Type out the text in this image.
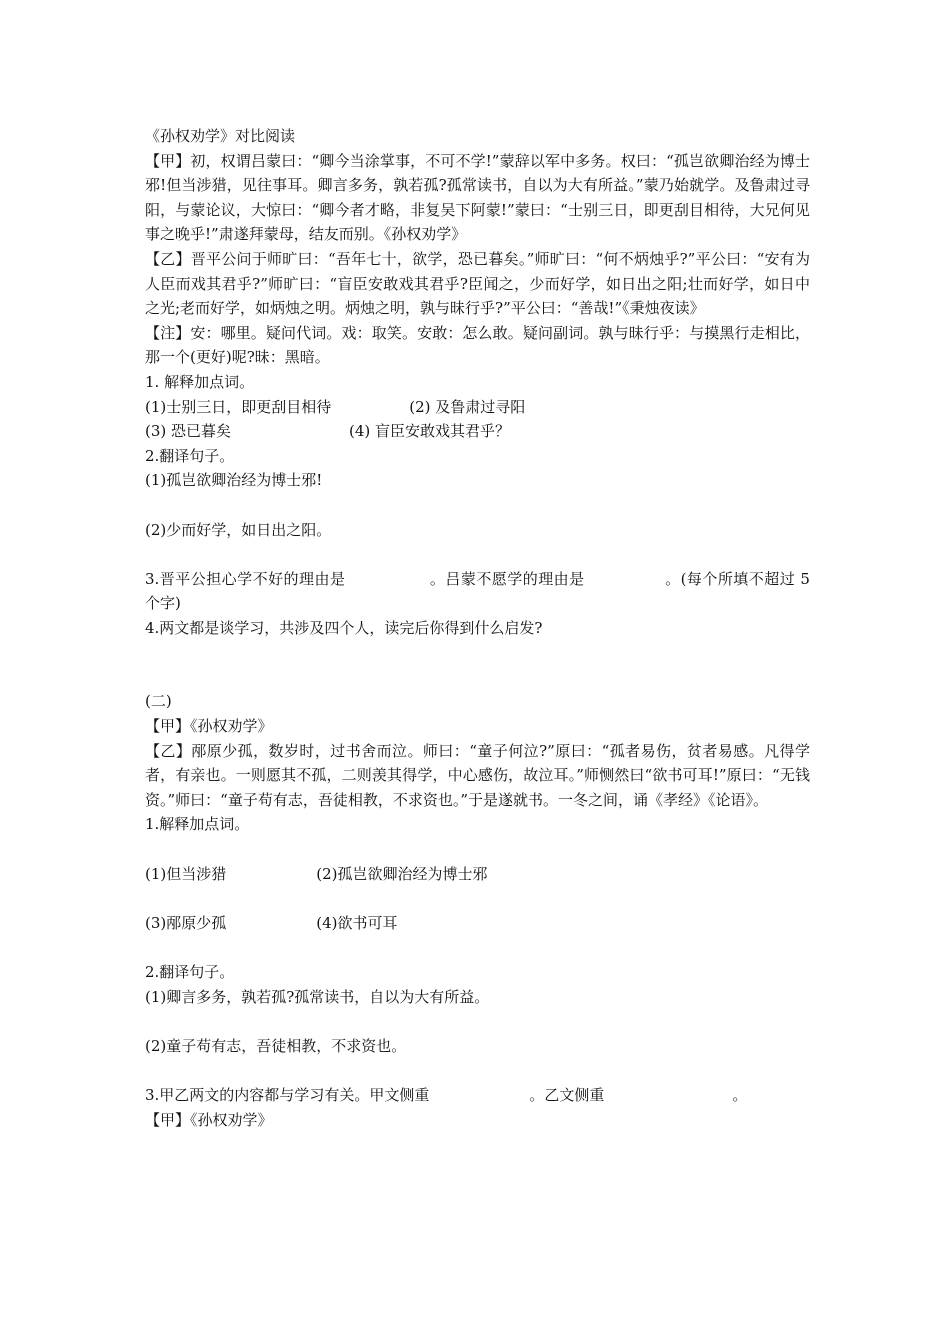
《孙权劝学》对比阅读

【甲】初，权谓吕蒙曰：“卿今当涂掌事，不可不学!”蒙辞以军中多务。权曰：“孤岂欲卿治经为博士邪!但当涉猎，见往事耳。卿言多务，孰若孤?孤常读书，自以为大有所益。”蒙乃始就学。及鲁肃过寻阳，与蒙论议，大惊曰：“卿今者才略，非复吴下阿蒙!”蒙曰：“士别三日，即更刮目相待，大兄何见事之晚乎!”肃遂拜蒙母，结友而别。《孙权劝学》

【乙】晋平公问于师旷曰：“吾年七十，欲学，恐已暮矣。”师旷曰：“何不炳烛乎?”平公曰：“安有为人臣而戏其君乎?”师旷曰：“盲臣安敢戏其君乎?臣闻之，少而好学，如日出之阳;壮而好学，如日中之光;老而好学，如炳烛之明。炳烛之明，孰与昧行乎?”平公曰：“善哉!”《秉烛夜读》

【注】安：哪里。疑问代词。戏：取笑。安敢：怎么敢。疑问副词。孰与昧行乎：与摸黑行走相比，那一个(更好)呢?昧：黑暗。

1. 解释加点词。

(1)士别三日，即更刮目相待	(2) 及鲁肃过寻阳

(3) 恐已暮矣	(4) 盲臣安敢戏其君乎？

2.翻译句子。

(1)孤岂欲卿治经为博士邪!

(2)少而好学，如日出之阳。

3.晋平公担心学不好的理由是	。吕蒙不愿学的理由是	。(每个所填不超过 5 个字)

4.两文都是谈学习，共涉及四个人，读完后你得到什么启发?

(二)

【甲】《孙权劝学》

【乙】邴原少孤，数岁时，过书舍而泣。师曰：“童子何泣?”原曰：“孤者易伤，贫者易感。凡得学者，有亲也。一则愿其不孤，二则羡其得学，中心感伤，故泣耳。”师恻然曰“欲书可耳!”原曰：“无钱资。”师曰：“童子苟有志，吾徒相教，不求资也。”于是遂就书。一冬之间，诵《孝经》《论语》。

1.解释加点词。

(1)但当涉猎	(2)孤岂欲卿治经为博士邪

(3)邴原少孤	(4)欲书可耳

2.翻译句子。

(1)卿言多务，孰若孤?孤常读书，自以为大有所益。

(2)童子苟有志，吾徒相教，不求资也。

3.甲乙两文的内容都与学习有关。甲文侧重	。乙文侧重	。

【甲】《孙权劝学》
